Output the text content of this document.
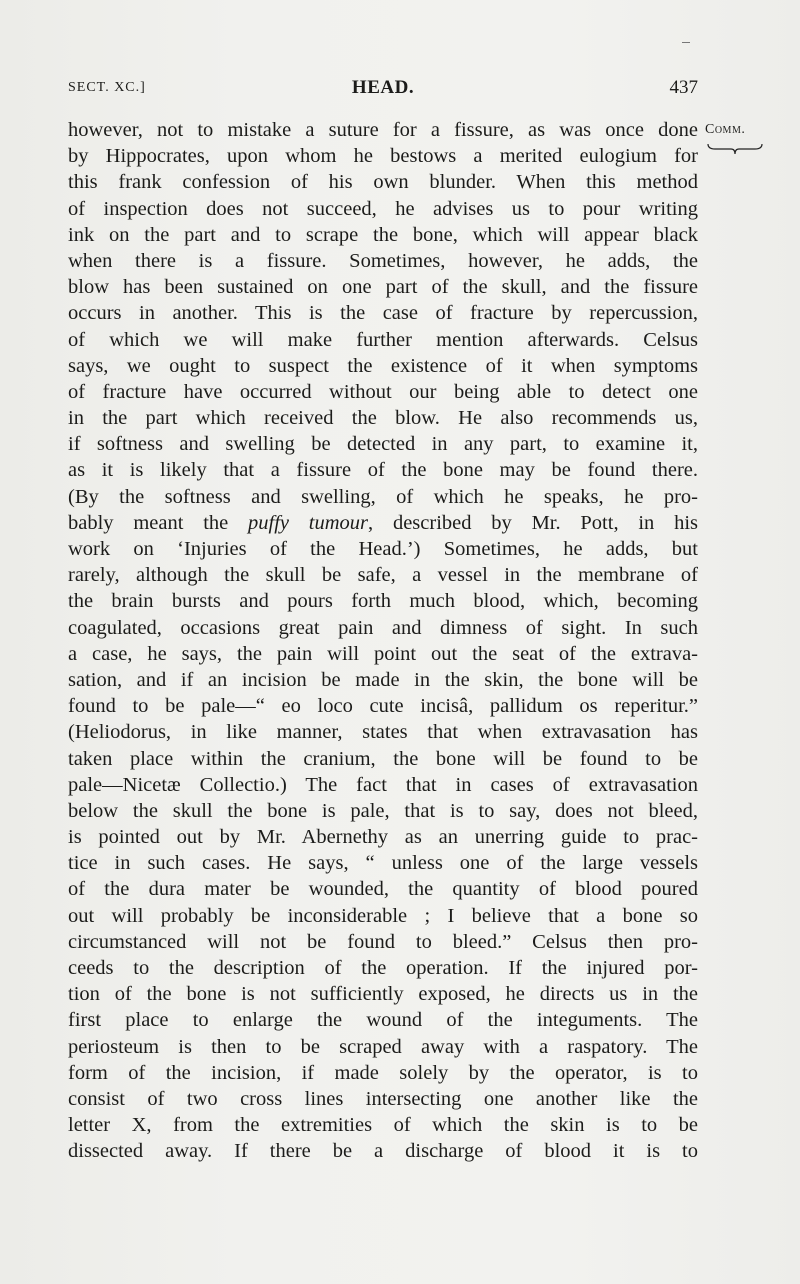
SECT. XC.]	HEAD.	437
Comm.
however, not to mistake a suture for a fissure, as was once done
by Hippocrates, upon whom he bestows a merited eulogium for
this frank confession of his own blunder. When this method
of inspection does not succeed, he advises us to pour writing
ink on the part and to scrape the bone, which will appear black
when there is a fissure. Sometimes, however, he adds, the
blow has been sustained on one part of the skull, and the fissure
occurs in another. This is the case of fracture by repercussion,
of which we will make further mention afterwards. Celsus
says, we ought to suspect the existence of it when symptoms
of fracture have occurred without our being able to detect one
in the part which received the blow. He also recommends us,
if softness and swelling be detected in any part, to examine it,
as it is likely that a fissure of the bone may be found there.
(By the softness and swelling, of which he speaks, he pro-
bably meant the puffy tumour, described by Mr. Pott, in his
work on ‘Injuries of the Head.’) Sometimes, he adds, but
rarely, although the skull be safe, a vessel in the membrane of
the brain bursts and pours forth much blood, which, becoming
coagulated, occasions great pain and dimness of sight. In such
a case, he says, the pain will point out the seat of the extrava-
sation, and if an incision be made in the skin, the bone will be
found to be pale—“ eo loco cute incisâ, pallidum os reperitur.”
(Heliodorus, in like manner, states that when extravasation has
taken place within the cranium, the bone will be found to be
pale—Nicetæ Collectio.) The fact that in cases of extravasation
below the skull the bone is pale, that is to say, does not bleed,
is pointed out by Mr. Abernethy as an unerring guide to prac-
tice in such cases. He says, “ unless one of the large vessels
of the dura mater be wounded, the quantity of blood poured
out will probably be inconsiderable ; I believe that a bone so
circumstanced will not be found to bleed.” Celsus then pro-
ceeds to the description of the operation. If the injured por-
tion of the bone is not sufficiently exposed, he directs us in the
first place to enlarge the wound of the integuments. The
periosteum is then to be scraped away with a raspatory. The
form of the incision, if made solely by the operator, is to
consist of two cross lines intersecting one another like the
letter X, from the extremities of which the skin is to be
dissected away. If there be a discharge of blood it is to
